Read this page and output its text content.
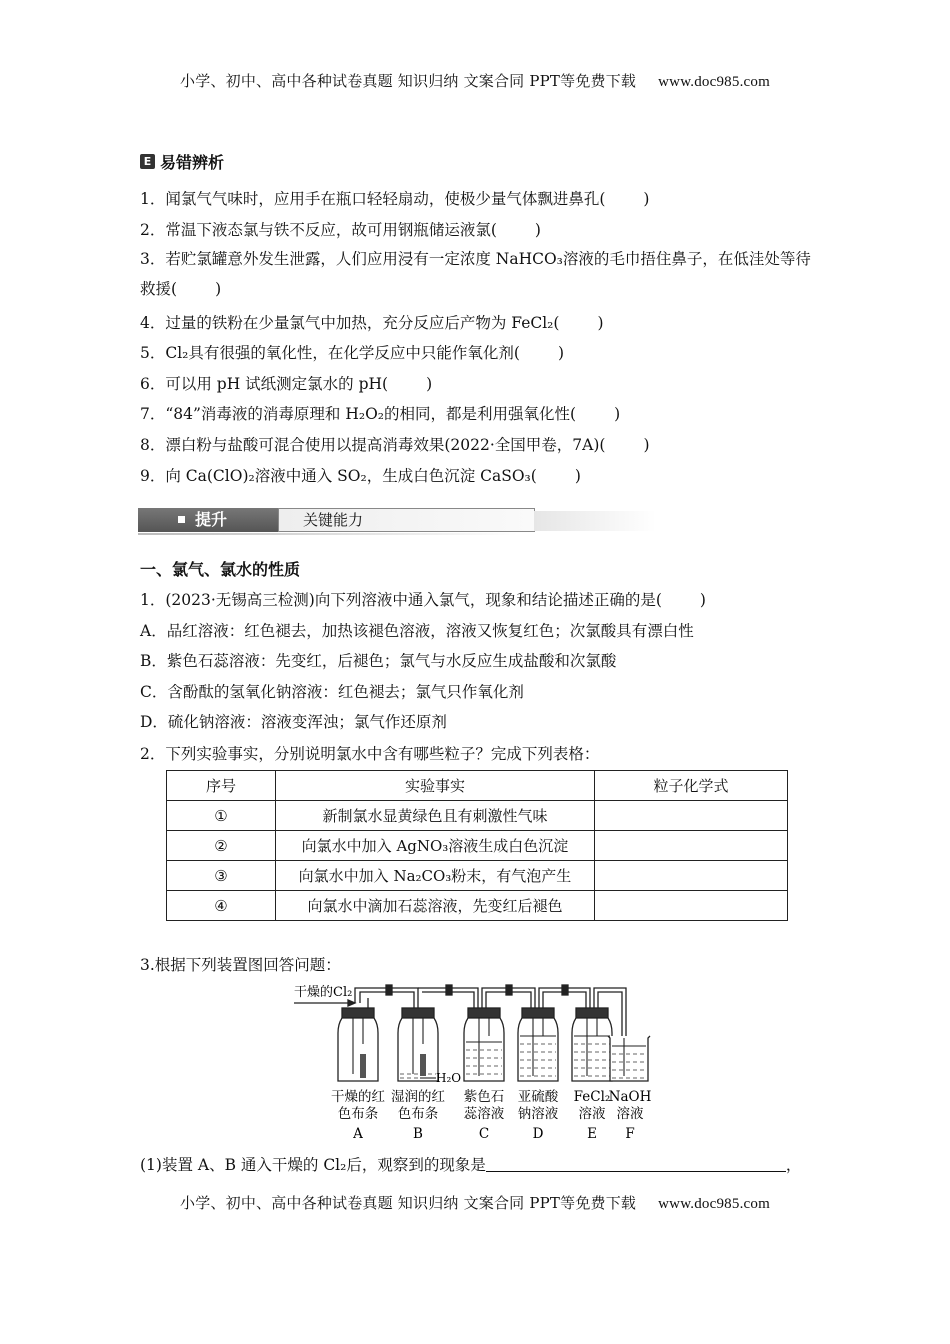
小学、初中、高中各种试卷真题 知识归纳 文案合同 PPT等免费下载 www.doc985.com
E 易错辨析
1．闻氯气气味时，应用手在瓶口轻轻扇动，使极少量气体飘进鼻孔( )
2．常温下液态氯与铁不反应，故可用钢瓶储运液氯( )
3．若贮氯罐意外发生泄露，人们应用浸有一定浓度 NaHCO₃溶液的毛巾捂住鼻子，在低洼处等待救援( )
4．过量的铁粉在少量氯气中加热，充分反应后产物为 FeCl₂( )
5．Cl₂具有很强的氧化性，在化学反应中只能作氧化剂( )
6．可以用 pH 试纸测定氯水的 pH( )
7．“84”消毒液的消毒原理和 H₂O₂的相同，都是利用强氧化性( )
8．漂白粉与盐酸可混合使用以提高消毒效果(2022·全国甲卷，7A)( )
9．向 Ca(ClO)₂溶液中通入 SO₂，生成白色沉淀 CaSO₃( )
提升	关键能力
一、氯气、氯水的性质
1．(2023·无锡高三检测)向下列溶液中通入氯气，现象和结论描述正确的是( )
A．品红溶液：红色褪去，加热该褪色溶液，溶液又恢复红色；次氯酸具有漂白性
B．紫色石蕊溶液：先变红，后褪色；氯气与水反应生成盐酸和次氯酸
C．含酚酞的氢氧化钠溶液：红色褪去；氯气只作氧化剂
D．硫化钠溶液：溶液变浑浊；氯气作还原剂
2．下列实验事实，分别说明氯水中含有哪些粒子？完成下列表格：
序号	实验事实	粒子化学式
①	新制氯水显黄绿色且有刺激性气味	
②	向氯水中加入 AgNO₃溶液生成白色沉淀	
③	向氯水中加入 Na₂CO₃粉末，有气泡产生	
④	向氯水中滴加石蕊溶液，先变红后褪色	
3.根据下列装置图回答问题：
干燥的Cl₂
H₂O
干燥的红
色布条
A
湿润的红
色布条
B
紫色石
蕊溶液
C
亚硫酸
钠溶液
D
FeCl₂
溶液
E
NaOH
溶液
F
(1)装置 A、B 通入干燥的 Cl₂后，观察到的现象是	，
小学、初中、高中各种试卷真题 知识归纳 文案合同 PPT等免费下载 www.doc985.com
